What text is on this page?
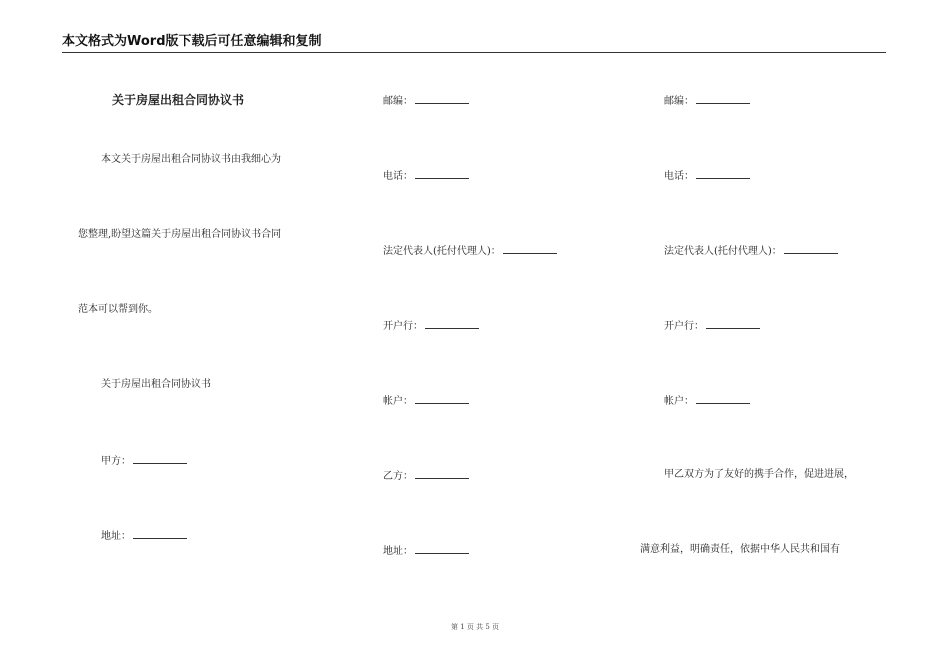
本文格式为Word版下载后可任意编辑和复制
关于房屋出租合同协议书
本文关于房屋出租合同协议书由我细心为
您整理,盼望这篇关于房屋出租合同协议书合同
范本可以帮到你。
关于房屋出租合同协议书
甲方：
地址：
邮编：
电话：
法定代表人(托付代理人)：
开户行：
帐户：
乙方：
地址：
邮编：
电话：
法定代表人(托付代理人)：
开户行：
帐户：
甲乙双方为了友好的携手合作，促进进展，
满意利益，明确责任，依据中华人民共和国有
第 1 页 共 5 页
